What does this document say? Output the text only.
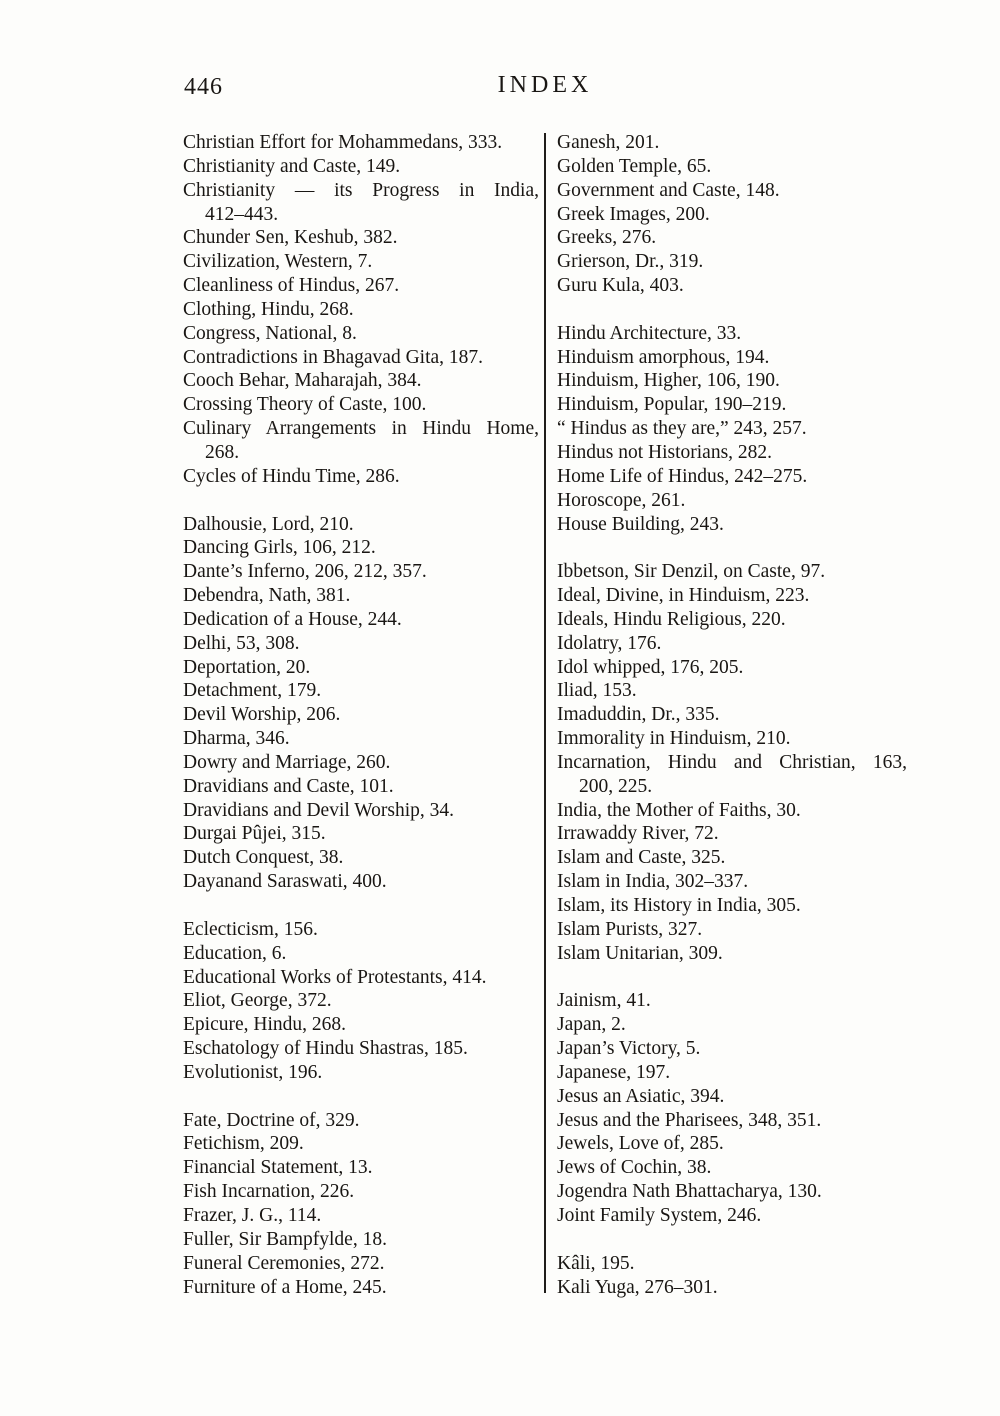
446	INDEX
Christian Effort for Mohammedans, 333.
Christianity and Caste, 149.
Christianity — its Progress in India,
412–443.
Chunder Sen, Keshub, 382.
Civilization, Western, 7.
Cleanliness of Hindus, 267.
Clothing, Hindu, 268.
Congress, National, 8.
Contradictions in Bhagavad Gita, 187.
Cooch Behar, Maharajah, 384.
Crossing Theory of Caste, 100.
Culinary Arrangements in Hindu Home,
268.
Cycles of Hindu Time, 286.
Dalhousie, Lord, 210.
Dancing Girls, 106, 212.
Dante’s Inferno, 206, 212, 357.
Debendra, Nath, 381.
Dedication of a House, 244.
Delhi, 53, 308.
Deportation, 20.
Detachment, 179.
Devil Worship, 206.
Dharma, 346.
Dowry and Marriage, 260.
Dravidians and Caste, 101.
Dravidians and Devil Worship, 34.
Durgai Pûjei, 315.
Dutch Conquest, 38.
Dayanand Saraswati, 400.
Eclecticism, 156.
Education, 6.
Educational Works of Protestants, 414.
Eliot, George, 372.
Epicure, Hindu, 268.
Eschatology of Hindu Shastras, 185.
Evolutionist, 196.
Fate, Doctrine of, 329.
Fetichism, 209.
Financial Statement, 13.
Fish Incarnation, 226.
Frazer, J. G., 114.
Fuller, Sir Bampfylde, 18.
Funeral Ceremonies, 272.
Furniture of a Home, 245.
Ganesh, 201.
Golden Temple, 65.
Government and Caste, 148.
Greek Images, 200.
Greeks, 276.
Grierson, Dr., 319.
Guru Kula, 403.
Hindu Architecture, 33.
Hinduism amorphous, 194.
Hinduism, Higher, 106, 190.
Hinduism, Popular, 190–219.
“ Hindus as they are,” 243, 257.
Hindus not Historians, 282.
Home Life of Hindus, 242–275.
Horoscope, 261.
House Building, 243.
Ibbetson, Sir Denzil, on Caste, 97.
Ideal, Divine, in Hinduism, 223.
Ideals, Hindu Religious, 220.
Idolatry, 176.
Idol whipped, 176, 205.
Iliad, 153.
Imaduddin, Dr., 335.
Immorality in Hinduism, 210.
Incarnation, Hindu and Christian, 163,
200, 225.
India, the Mother of Faiths, 30.
Irrawaddy River, 72.
Islam and Caste, 325.
Islam in India, 302–337.
Islam, its History in India, 305.
Islam Purists, 327.
Islam Unitarian, 309.
Jainism, 41.
Japan, 2.
Japan’s Victory, 5.
Japanese, 197.
Jesus an Asiatic, 394.
Jesus and the Pharisees, 348, 351.
Jewels, Love of, 285.
Jews of Cochin, 38.
Jogendra Nath Bhattacharya, 130.
Joint Family System, 246.
Kâli, 195.
Kali Yuga, 276–301.
